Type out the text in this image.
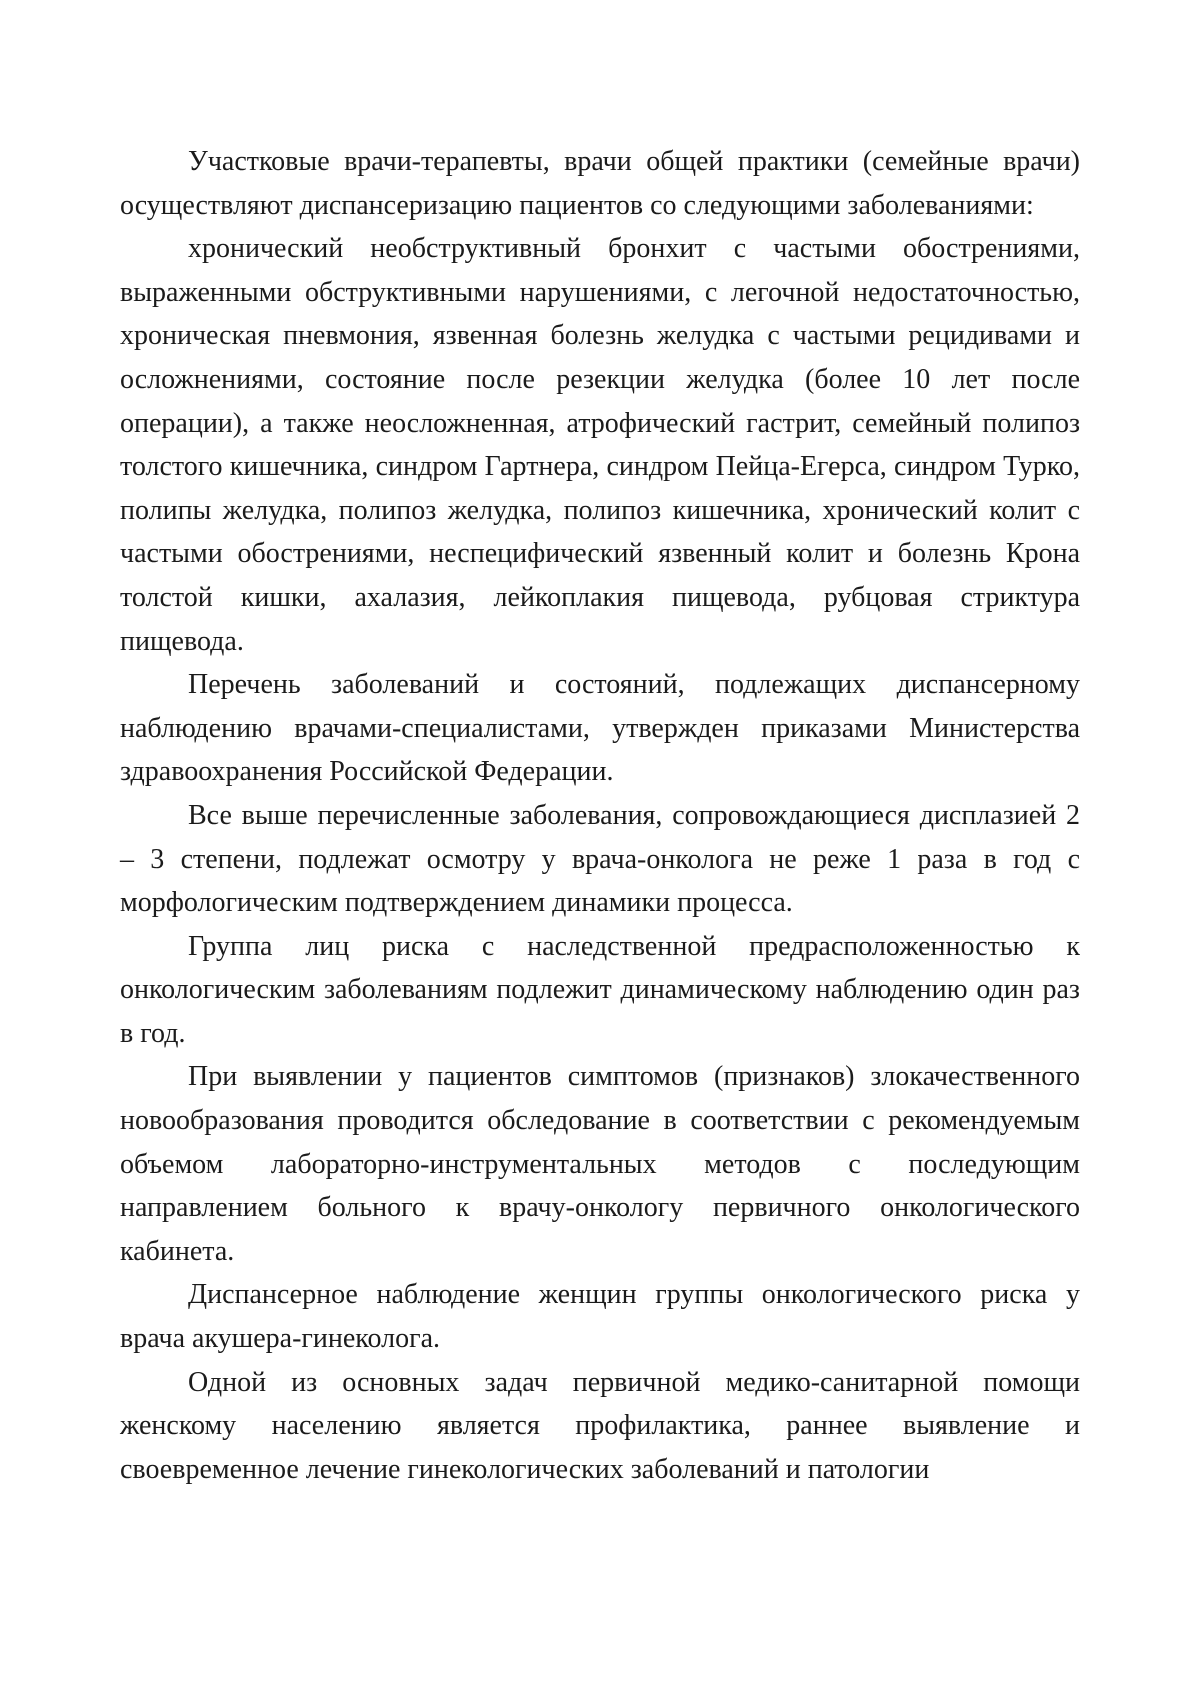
Участковые врачи-терапевты, врачи общей практики (семейные врачи) осуществляют диспансеризацию пациентов со следующими заболеваниями:

хронический необструктивный бронхит с частыми обострениями, выраженными обструктивными нарушениями, с легочной недостаточностью, хроническая пневмония, язвенная болезнь желудка с частыми рецидивами и осложнениями, состояние после резекции желудка (более 10 лет после операции), а также неосложненная, атрофический гастрит, семейный полипоз толстого кишечника, синдром Гартнера, синдром Пейца-Егерса, синдром Турко, полипы желудка, полипоз желудка, полипоз кишечника, хронический колит с частыми обострениями, неспецифический язвенный колит и болезнь Крона толстой кишки, ахалазия, лейкоплакия пищевода, рубцовая стриктура пищевода.

Перечень заболеваний и состояний, подлежащих диспансерному наблюдению врачами-специалистами, утвержден приказами Министерства здравоохранения Российской Федерации.

Все выше перечисленные заболевания, сопровождающиеся дисплазией 2 – 3 степени, подлежат осмотру у врача-онколога не реже 1 раза в год с морфологическим подтверждением динамики процесса.

Группа лиц риска с наследственной предрасположенностью к онкологическим заболеваниям подлежит динамическому наблюдению один раз в год.

При выявлении у пациентов симптомов (признаков) злокачественного новообразования проводится обследование в соответствии с рекомендуемым объемом лабораторно-инструментальных методов с последующим направлением больного к врачу-онкологу первичного онкологического кабинета.

Диспансерное наблюдение женщин группы онкологического риска у врача акушера-гинеколога.

Одной из основных задач первичной медико-санитарной помощи женскому населению является профилактика, раннее выявление и своевременное лечение гинекологических заболеваний и патологии
